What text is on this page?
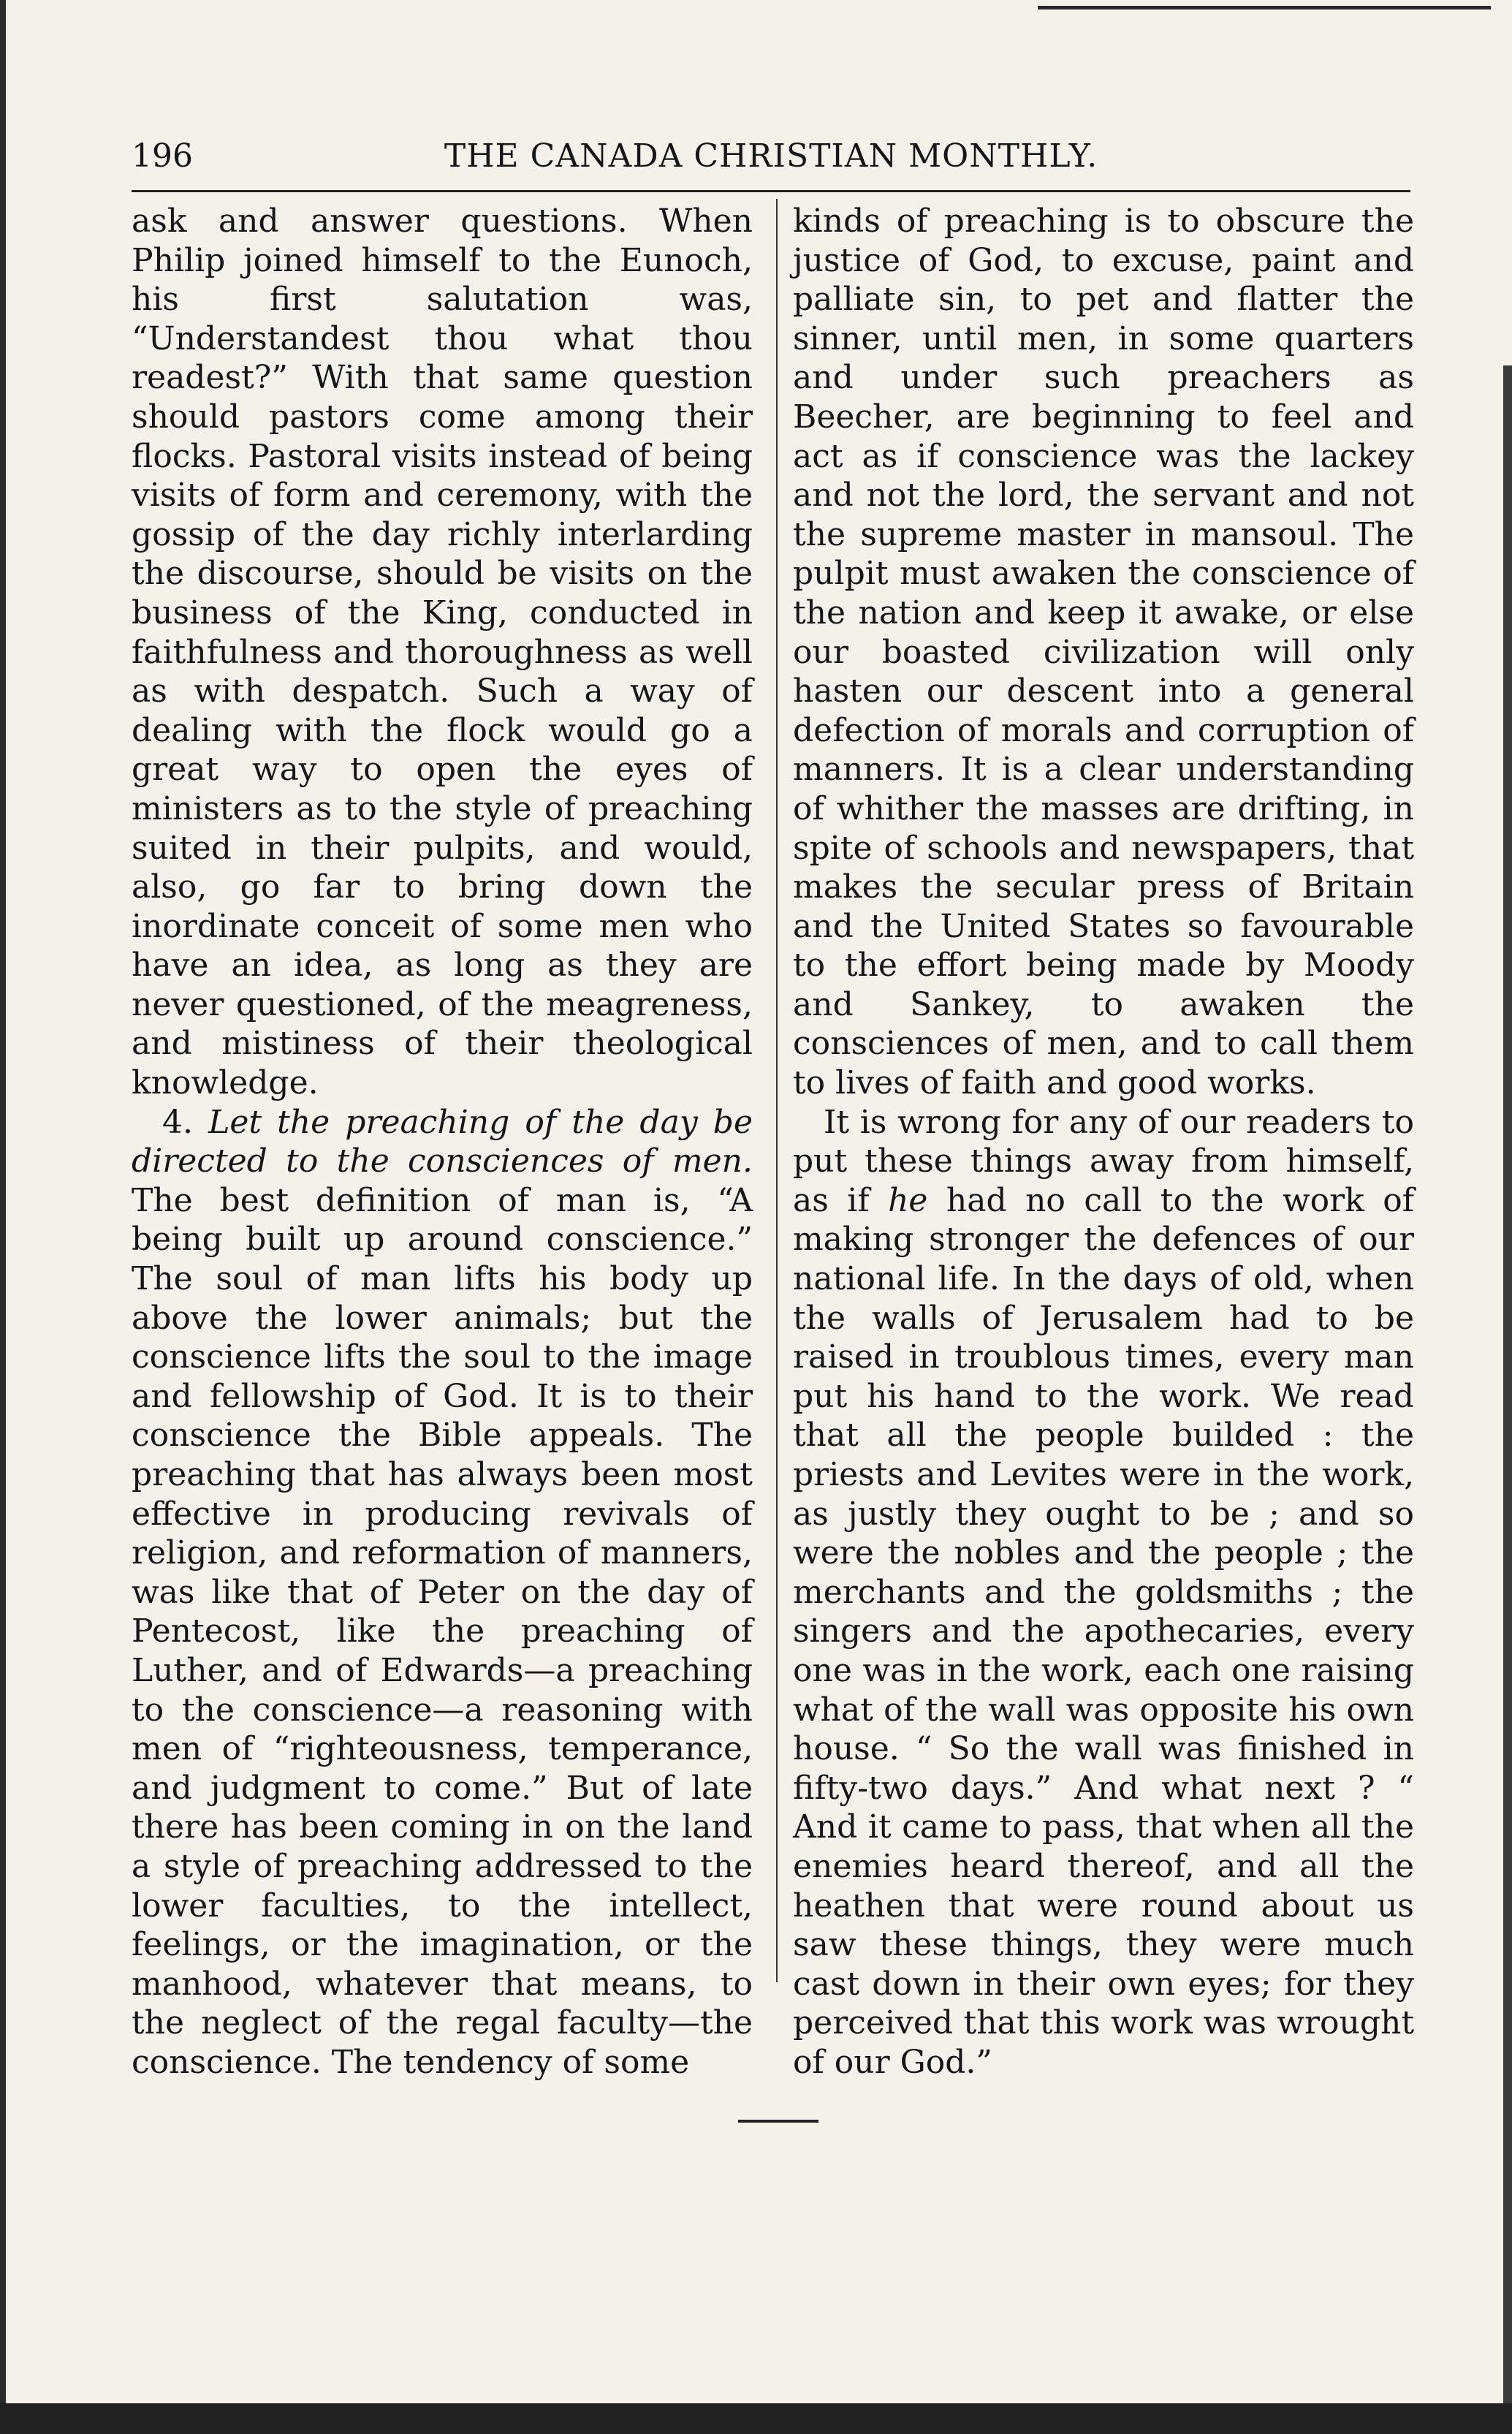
196	THE CANADA CHRISTIAN MONTHLY.

ask and answer questions. When Philip joined himself to the Eunoch, his first salutation was, “Understandest thou what thou readest?” With that same question should pastors come among their flocks. Pastoral visits instead of being visits of form and ceremony, with the gossip of the day richly interlarding the discourse, should be visits on the business of the King, conducted in faithfulness and thoroughness as well as with despatch. Such a way of dealing with the flock would go a great way to open the eyes of ministers as to the style of preaching suited in their pulpits, and would, also, go far to bring down the inordinate conceit of some men who have an idea, as long as they are never questioned, of the meagreness, and mistiness of their theological knowledge.

4. Let the preaching of the day be directed to the consciences of men. The best definition of man is, “A being built up around conscience.” The soul of man lifts his body up above the lower animals; but the conscience lifts the soul to the image and fellowship of God. It is to their conscience the Bible appeals. The preaching that has always been most effective in producing revivals of religion, and reformation of manners, was like that of Peter on the day of Pentecost, like the preaching of Luther, and of Edwards—a preaching to the conscience—a reasoning with men of “righteousness, temperance, and judgment to come.” But of late there has been coming in on the land a style of preaching addressed to the lower faculties, to the intellect, feelings, or the imagination, or the manhood, whatever that means, to the neglect of the regal faculty—the conscience. The tendency of some

kinds of preaching is to obscure the justice of God, to excuse, paint and palliate sin, to pet and flatter the sinner, until men, in some quarters and under such preachers as Beecher, are beginning to feel and act as if conscience was the lackey and not the lord, the servant and not the supreme master in mansoul. The pulpit must awaken the conscience of the nation and keep it awake, or else our boasted civilization will only hasten our descent into a general defection of morals and corruption of manners. It is a clear understanding of whither the masses are drifting, in spite of schools and newspapers, that makes the secular press of Britain and the United States so favourable to the effort being made by Moody and Sankey, to awaken the consciences of men, and to call them to lives of faith and good works.

It is wrong for any of our readers to put these things away from himself, as if he had no call to the work of making stronger the defences of our national life. In the days of old, when the walls of Jerusalem had to be raised in troublous times, every man put his hand to the work. We read that all the people builded : the priests and Levites were in the work, as justly they ought to be ; and so were the nobles and the people ; the merchants and the goldsmiths ; the singers and the apothecaries, every one was in the work, each one raising what of the wall was opposite his own house. “ So the wall was finished in fifty-two days.” And what next ? “ And it came to pass, that when all the enemies heard thereof, and all the heathen that were round about us saw these things, they were much cast down in their own eyes; for they perceived that this work was wrought of our God.”
